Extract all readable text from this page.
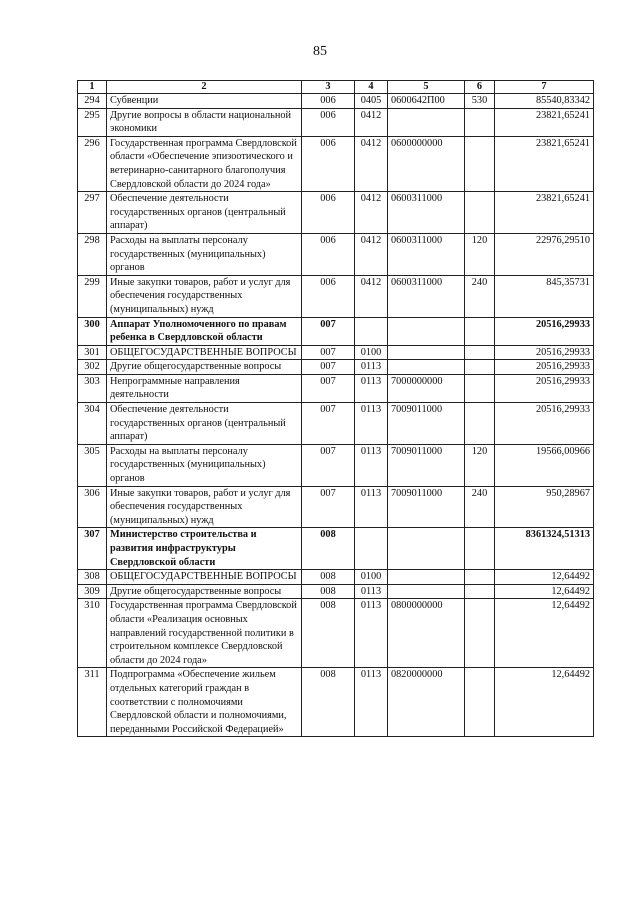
85
1	2	3	4	5	6	7
294	Субвенции	006	0405	0600642П00	530	85540,83342
295	Другие вопросы в области национальной экономики	006	0412			23821,65241
296	Государственная программа Свердловской области «Обеспечение эпизоотического и ветеринарно-санитарного благополучия Свердловской области до 2024 года»	006	0412	0600000000		23821,65241
297	Обеспечение деятельности государственных органов (центральный аппарат)	006	0412	0600311000		23821,65241
298	Расходы на выплаты персоналу государственных (муниципальных) органов	006	0412	0600311000	120	22976,29510
299	Иные закупки товаров, работ и услуг для обеспечения государственных (муниципальных) нужд	006	0412	0600311000	240	845,35731
300	Аппарат Уполномоченного по правам ребенка в Свердловской области	007				20516,29933
301	ОБЩЕГОСУДАРСТВЕННЫЕ ВОПРОСЫ	007	0100			20516,29933
302	Другие общегосударственные вопросы	007	0113			20516,29933
303	Непрограммные направления деятельности	007	0113	7000000000		20516,29933
304	Обеспечение деятельности государственных органов (центральный аппарат)	007	0113	7009011000		20516,29933
305	Расходы на выплаты персоналу государственных (муниципальных) органов	007	0113	7009011000	120	19566,00966
306	Иные закупки товаров, работ и услуг для обеспечения государственных (муниципальных) нужд	007	0113	7009011000	240	950,28967
307	Министерство строительства и развития инфраструктуры Свердловской области	008				8361324,51313
308	ОБЩЕГОСУДАРСТВЕННЫЕ ВОПРОСЫ	008	0100			12,64492
309	Другие общегосударственные вопросы	008	0113			12,64492
310	Государственная программа Свердловской области «Реализация основных направлений государственной политики в строительном комплексе Свердловской области до 2024 года»	008	0113	0800000000		12,64492
311	Подпрограмма «Обеспечение жильем отдельных категорий граждан в соответствии с полномочиями Свердловской области и полномочиями, переданными Российской Федерацией»	008	0113	0820000000		12,64492
